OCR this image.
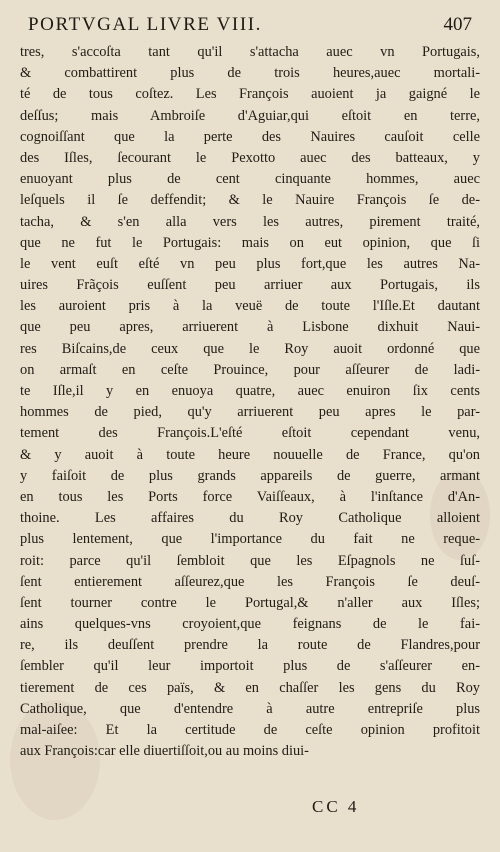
PORTVGAL LIVRE VIII.	407
tres, s'accoſta tant qu'il s'attacha auec vn Portugais,
& combattirent plus de trois heures,auec mortali-
té de tous coſtez. Les François auoient ja gaigné le
deſſus; mais Ambroiſe d'Aguiar,qui eſtoit en terre,
cognoiſſant que la perte des Nauires cauſoit celle
des Iſles, ſecourant le Pexotto auec des batteaux, y
enuoyant plus de cent cinquante hommes, auec
leſquels il ſe deffendit; & le Nauire François ſe de-
tacha, & s'en alla vers les autres, pirement traité,
que ne fut le Portugais: mais on eut opinion, que ſi
le vent euſt eſté vn peu plus fort,que les autres Na-
uires Frãçois euſſent peu arriuer aux Portugais, ils
les auroient pris à la veuë de toute l'Iſle.Et dautant
que peu apres, arriuerent à Lisbone dixhuit Naui-
res Biſcains,de ceux que le Roy auoit ordonné que
on armaſt en ceſte Prouince, pour aſſeurer de ladi-
te Iſle,il y en enuoya quatre, auec enuiron ſix cents
hommes de pied, qu'y arriuerent peu apres le par-
tement des François.L'eſté eſtoit cependant venu,
& y auoit à toute heure nouuelle de France, qu'on
y faiſoit de plus grands appareils de guerre, armant
en tous les Ports force Vaiſſeaux, à l'inſtance d'An-
thoine. Les affaires du Roy Catholique alloient
plus lentement, que l'importance du fait ne reque-
roit: parce qu'il ſembloit que les Eſpagnols ne ſuſ-
ſent entierement aſſeurez,que les François ſe deuſ-
ſent tourner contre le Portugal,& n'aller aux Iſles;
ains quelques-vns croyoient,que feignans de le fai-
re, ils deuſſent prendre la route de Flandres,pour
ſembler qu'il leur importoit plus de s'aſſeurer en-
tierement de ces païs, & en chaſſer les gens du Roy
Catholique, que d'entendre à autre entrepriſe plus
mal-aiſee: Et la certitude de ceſte opinion profitoit
aux François:car elle diuertiſſoit,ou au moins diui-
CC 4
